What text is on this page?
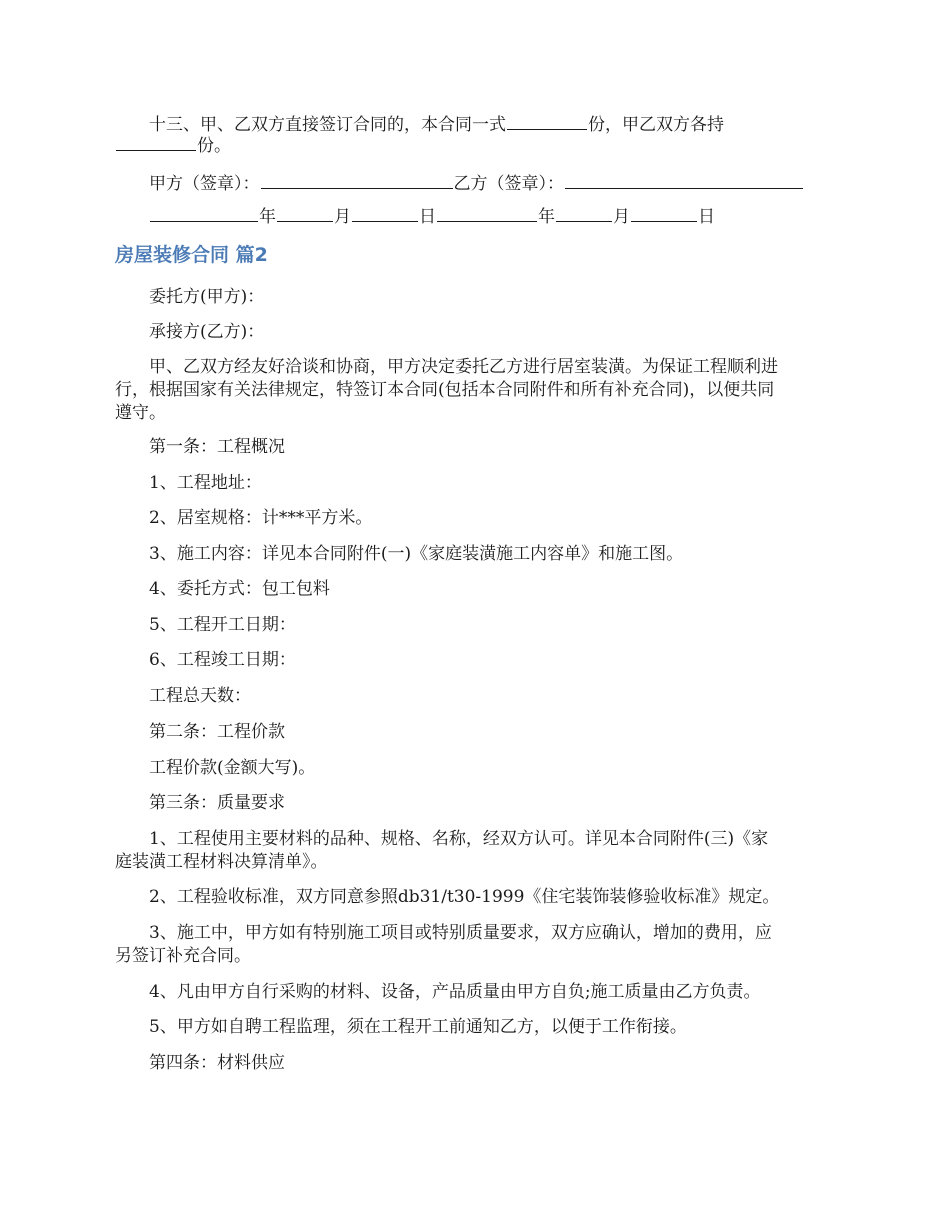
十三、甲、乙双方直接签订合同的，本合同一式	份，甲乙双方各持
份。
甲方（签章）：	乙方（签章）：
年	月	日	年	月	日
房屋装修合同 篇2
委托方(甲方)：
承接方(乙方)：
甲、乙双方经友好洽谈和协商，甲方决定委托乙方进行居室装潢。为保证工程顺利进
行，根据国家有关法律规定，特签订本合同(包括本合同附件和所有补充合同)，以便共同
遵守。
第一条：工程概况
1、工程地址：
2、居室规格：计***平方米。
3、施工内容：详见本合同附件(一)《家庭装潢施工内容单》和施工图。
4、委托方式：包工包料
5、工程开工日期：
6、工程竣工日期：
工程总天数：
第二条：工程价款
工程价款(金额大写)。
第三条：质量要求
1、工程使用主要材料的品种、规格、名称，经双方认可。详见本合同附件(三)《家
庭装潢工程材料决算清单》。
2、工程验收标准，双方同意参照db31/t30-1999《住宅装饰装修验收标准》规定。
3、施工中，甲方如有特别施工项目或特别质量要求，双方应确认，增加的费用，应
另签订补充合同。
4、凡由甲方自行采购的材料、设备，产品质量由甲方自负;施工质量由乙方负责。
5、甲方如自聘工程监理，须在工程开工前通知乙方，以便于工作衔接。
第四条：材料供应
